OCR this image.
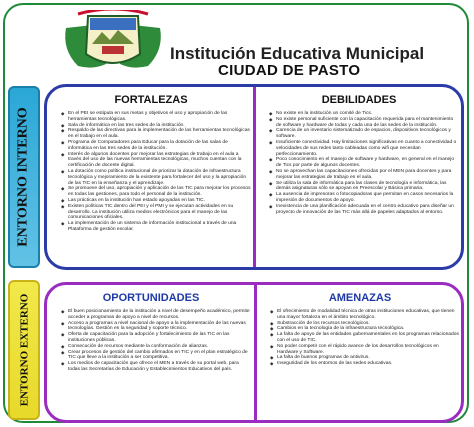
Institución Educativa Municipal
CIUDAD DE PASTO
ENTORNO INTERNO
ENTORNO EXTERNO
FORTALEZAS
◆ En el PEI se estipula en sus metas y objetivos el uso y apropiación de las herramientas tecnológicas.
◆ Sala de informática en las tres sedes de la institución.
◆ Respaldo de las directivas para la implementación de las herramientas tecnológicas en el trabajo en el aula.
◆ Programa de Computadores para Educar para la dotación de las salas de informática en las tres sedes de la institución.
◆ Interés de algunos docentes por mejorar las estrategias de trabajo en el aula a través del uso de las nuevas herramientas tecnológicas, muchos cuentan con la certificación de docente digital.
◆ La dotación como política institucional de priorizar la dotación de infraestructura tecnológica y mejoramiento de la existente para fortalecer del uso y la apropiación de las TIC en la enseñanza y el aprendizaje.
◆ Se promueve del uso, apropiación y aplicación de las TIC para mejorar los procesos en todas las gestiones, para todo el personal de la institución.
◆ Las prácticas en la institución han estado apoyadas en las TIC.
◆ Existen políticas TIC dentro del PEI y el PMI y se ejecutan actividades en su desarrollo. La institución utiliza medios electrónicos para el manejo de las comunicaciones oficiales.
◆ La implementación de un sistema de información institucional a través de una Plataforma de gestión escolar.
DEBILIDADES
◆ No existe en la institución un comité de Tics.
◆ No existe personal suficiente con la capacitación requerida para el mantenimiento de software y hardware de todas y cada una de las sedes de la institución.
◆ Carencia de un inventario sistematizado de espacios, dispositivos tecnológicos y software.
◆ Insuficiente conectividad. Hay limitaciones significativas en cuanto a conectividad o velocidades de sus redes tanto cableadas como wifi que necesitan perfeccionamiento.
◆ Poco conocimiento en el manejo de software y hardware, en general en el manejo de Tics por parte de algunos docentes.
◆ No se aprovechan las capacitaciones ofrecidas por el MEN para docentes y para mejorar las estrategias de trabajo en el aula.
◆ Se utiliza la sala de informática para las clases de tecnología e informática, las demás asignaturas sólo se apoyan en Preescolar y Básica primaria.
◆ La ausencia de impresoras o fotocopiadoras que permitan en casos necesarios la impresión de documentos de apoyo.
◆ Inexistencia de una planificación adecuada en el centro educativo para diseñar un proyecto de innovación de las TIC más allá de papeles adaptados al entorno.
OPORTUNIDADES
◆ El buen posicionamiento de la institución a nivel de desempeño académico, permite acceder a programas de apoyo a nivel de recursos.
◆ Acceso a programas a nivel nacional de apoyo a la implementación de las nuevas tecnologías. Gestión en la seguridad y soporte técnico.
◆ Oferta de capacitación para la adopción y fortalecimiento de las TIC en las instituciones públicas.
◆ Consecución de recursos mediante la conformación de alianzas.
◆ Crear procesos de gestión del cambio afirmados en TIC y en el plan estratégico de TIC que lleve a la institución a ser competitiva.
◆ Los medios de capacitación que ofrece el MEN a través de su portal web, para todas las Secretarías de Educación y Establecimientos Educativos del país.
AMENAZAS
◆ El ofrecimiento de modalidad técnica de otras instituciones educativas, que tienen una mayor fortaleza en el ámbito tecnológico.
◆ Substracción de los recursos tecnológicos.
◆ Cambios en la tecnología de la infraestructura tecnológica.
◆ La falta de apoyo de las entidades gubernamentales en los programas relacionados con el uso de TIC.
◆ No poder competir con el rápido avance de los desarrollos tecnológicos en Hardware y Software.
◆ La falta de buenos programas de antivirus.
◆ Inseguridad de los entornos de las sedes educativas.
